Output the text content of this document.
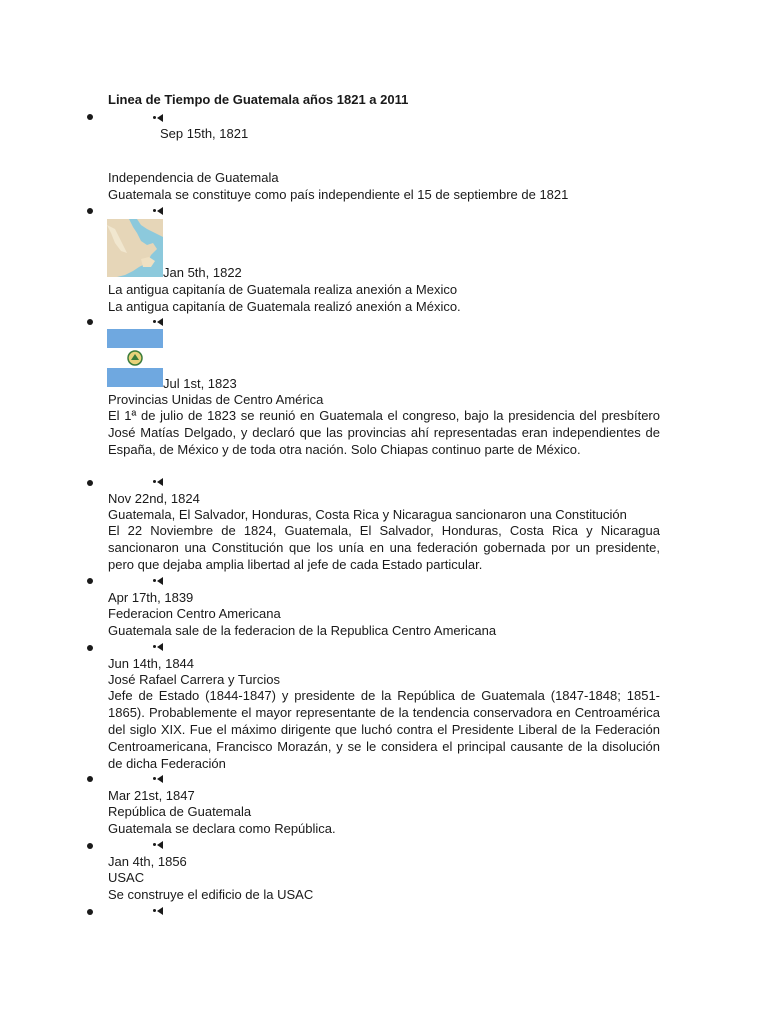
Linea de Tiempo de Guatemala años 1821 a 2011
Sep 15th, 1821
Independencia de Guatemala
Guatemala se constituye como país independiente el 15 de septiembre de 1821
Jan 5th, 1822
La antigua capitanía de Guatemala realiza anexión a Mexico
La antigua capitanía de Guatemala realizó anexión a México.
Jul 1st, 1823
Provincias Unidas de Centro América
El 1ª de julio de 1823 se reunió en Guatemala el congreso, bajo la presidencia del presbítero José Matías Delgado, y declaró que las provincias ahí representadas eran independientes de España, de México y de toda otra nación. Solo Chiapas continuo parte de México.
Nov 22nd, 1824
Guatemala, El Salvador, Honduras, Costa Rica y Nicaragua sancionaron una Constitución
El 22 Noviembre de 1824, Guatemala, El Salvador, Honduras, Costa Rica y Nicaragua sancionaron una Constitución que los unía en una federación gobernada por un presidente, pero que dejaba amplia libertad al jefe de cada Estado particular.
Apr 17th, 1839
Federacion Centro Americana
Guatemala sale de la federacion de la Republica Centro Americana
Jun 14th, 1844
José Rafael Carrera y Turcios
Jefe de Estado (1844-1847) y presidente de la República de Guatemala (1847-1848; 1851-1865). Probablemente el mayor representante de la tendencia conservadora en Centroamérica del siglo XIX. Fue el máximo dirigente que luchó contra el Presidente Liberal de la Federación Centroamericana, Francisco Morazán, y se le considera el principal causante de la disolución de dicha Federación
Mar 21st, 1847
República de Guatemala
Guatemala se declara como República.
Jan 4th, 1856
USAC
Se construye el edificio de la USAC
